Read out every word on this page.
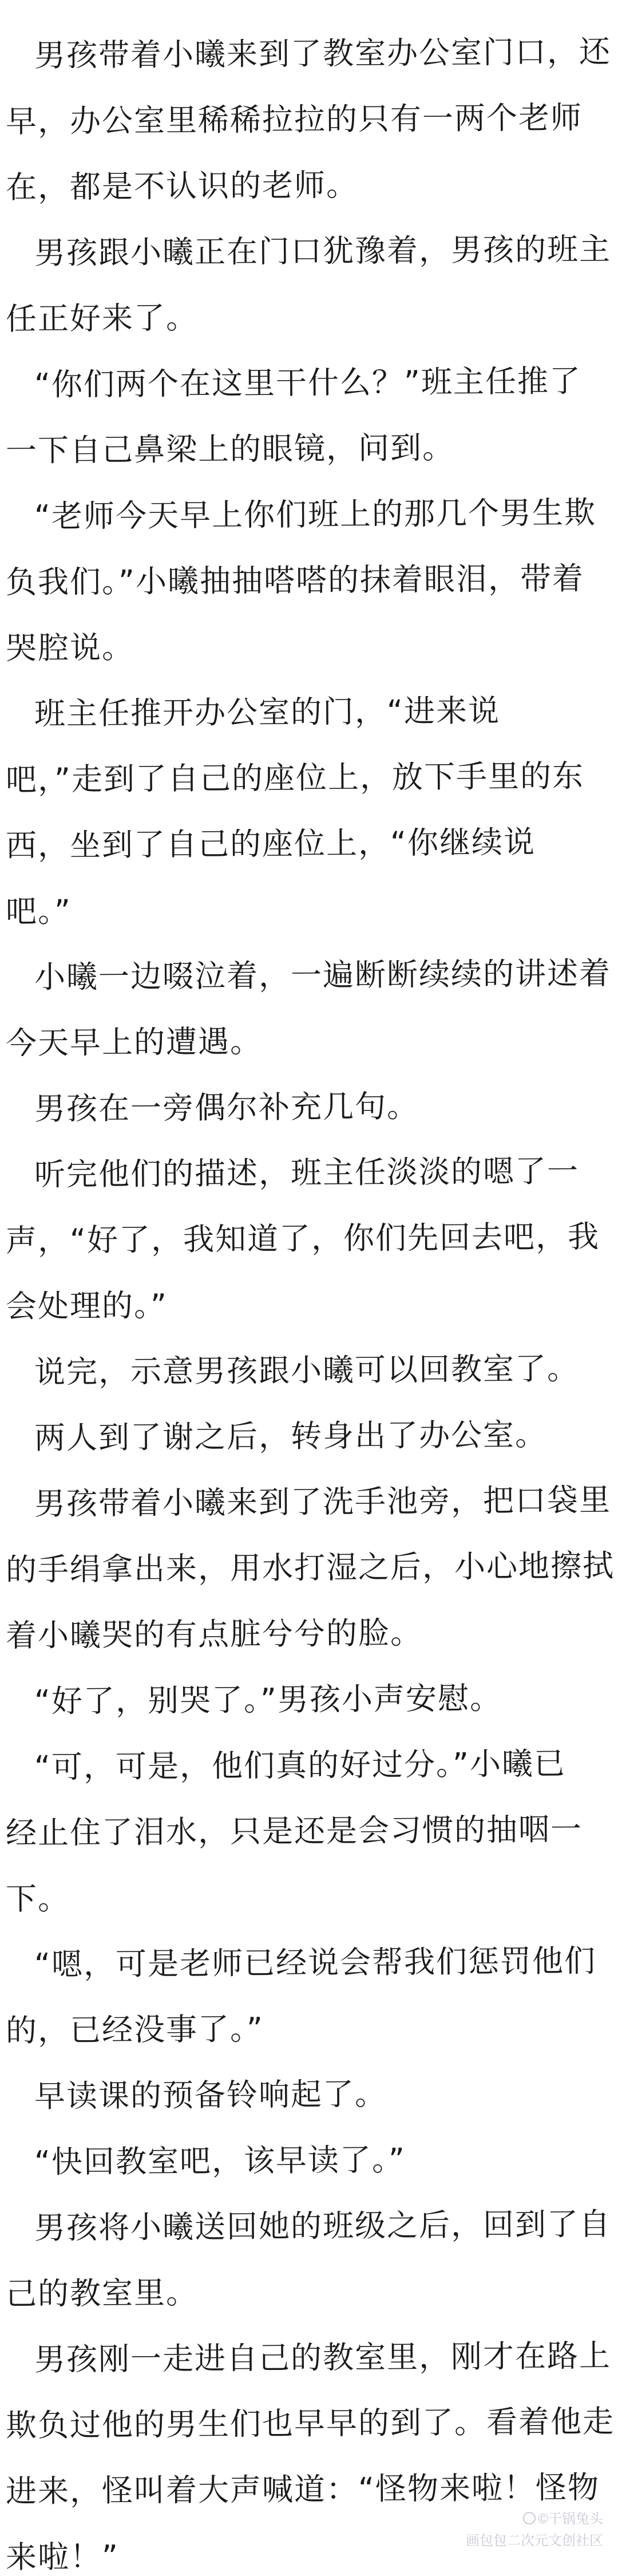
男孩带着小曦来到了教室办公室门口，还
早，办公室里稀稀拉拉的只有一两个老师
在，都是不认识的老师。
男孩跟小曦正在门口犹豫着，男孩的班主
任正好来了。
“你们两个在这里干什么？”班主任推了
一下自己鼻梁上的眼镜，问到。
“老师今天早上你们班上的那几个男生欺
负我们。”小曦抽抽嗒嗒的抹着眼泪，带着
哭腔说。
班主任推开办公室的门，“进来说
吧，”走到了自己的座位上，放下手里的东
西，坐到了自己的座位上，“你继续说
吧。”
小曦一边啜泣着，一遍断断续续的讲述着
今天早上的遭遇。
男孩在一旁偶尔补充几句。
听完他们的描述，班主任淡淡的嗯了一
声，“好了，我知道了，你们先回去吧，我
会处理的。”
说完，示意男孩跟小曦可以回教室了。
两人到了谢之后，转身出了办公室。
男孩带着小曦来到了洗手池旁，把口袋里
的手绢拿出来，用水打湿之后，小心地擦拭
着小曦哭的有点脏兮兮的脸。
“好了，别哭了。”男孩小声安慰。
“可，可是，他们真的好过分。”小曦已
经止住了泪水，只是还是会习惯的抽咽一
下。
“嗯，可是老师已经说会帮我们惩罚他们
的，已经没事了。”
早读课的预备铃响起了。
“快回教室吧，该早读了。”
男孩将小曦送回她的班级之后，回到了自
己的教室里。
男孩刚一走进自己的教室里，刚才在路上
欺负过他的男生们也早早的到了。看着他走
进来，怪叫着大声喊道：“怪物来啦！怪物
来啦！”
©干锅兔头
画包包二次元文创社区
